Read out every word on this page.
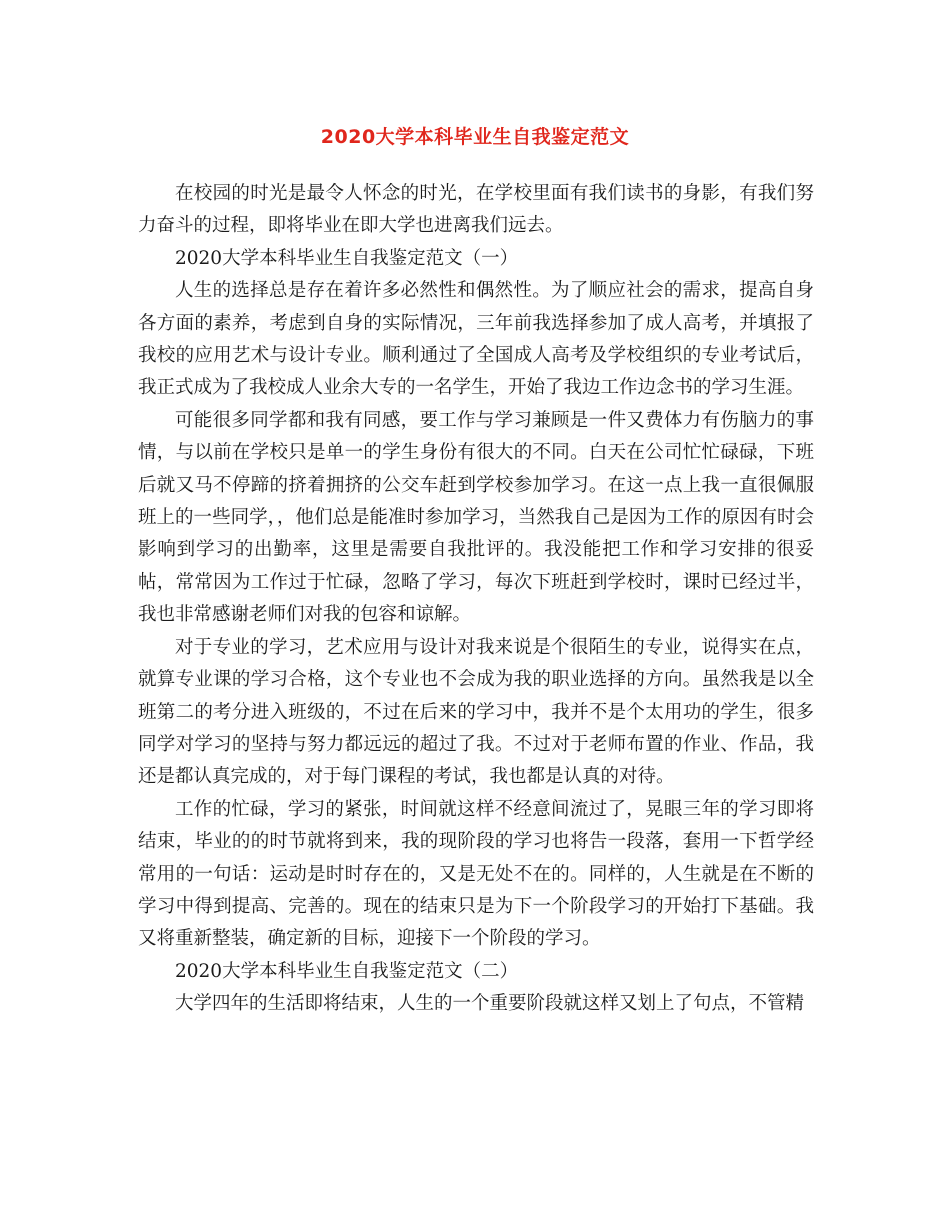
2020大学本科毕业生自我鉴定范文

在校园的时光是最令人怀念的时光，在学校里面有我们读书的身影，有我们努力奋斗的过程，即将毕业在即大学也进离我们远去。

2020大学本科毕业生自我鉴定范文（一）

人生的选择总是存在着许多必然性和偶然性。为了顺应社会的需求，提高自身各方面的素养，考虑到自身的实际情况，三年前我选择参加了成人高考，并填报了我校的应用艺术与设计专业。顺利通过了全国成人高考及学校组织的专业考试后，我正式成为了我校成人业余大专的一名学生，开始了我边工作边念书的学习生涯。

可能很多同学都和我有同感，要工作与学习兼顾是一件又费体力有伤脑力的事情，与以前在学校只是单一的学生身份有很大的不同。白天在公司忙忙碌碌，下班后就又马不停蹄的挤着拥挤的公交车赶到学校参加学习。在这一点上我一直很佩服班上的一些同学，，他们总是能准时参加学习，当然我自己是因为工作的原因有时会影响到学习的出勤率，这里是需要自我批评的。我没能把工作和学习安排的很妥帖，常常因为工作过于忙碌，忽略了学习，每次下班赶到学校时，课时已经过半，我也非常感谢老师们对我的包容和谅解。

对于专业的学习，艺术应用与设计对我来说是个很陌生的专业，说得实在点，就算专业课的学习合格，这个专业也不会成为我的职业选择的方向。虽然我是以全班第二的考分进入班级的，不过在后来的学习中，我并不是个太用功的学生，很多同学对学习的坚持与努力都远远的超过了我。不过对于老师布置的作业、作品，我还是都认真完成的，对于每门课程的考试，我也都是认真的对待。

工作的忙碌，学习的紧张，时间就这样不经意间流过了，晃眼三年的学习即将结束，毕业的的时节就将到来，我的现阶段的学习也将告一段落，套用一下哲学经常用的一句话：运动是时时存在的，又是无处不在的。同样的，人生就是在不断的学习中得到提高、完善的。现在的结束只是为下一个阶段学习的开始打下基础。我又将重新整装，确定新的目标，迎接下一个阶段的学习。

2020大学本科毕业生自我鉴定范文（二）

大学四年的生活即将结束，人生的一个重要阶段就这样又划上了句点，不管精
